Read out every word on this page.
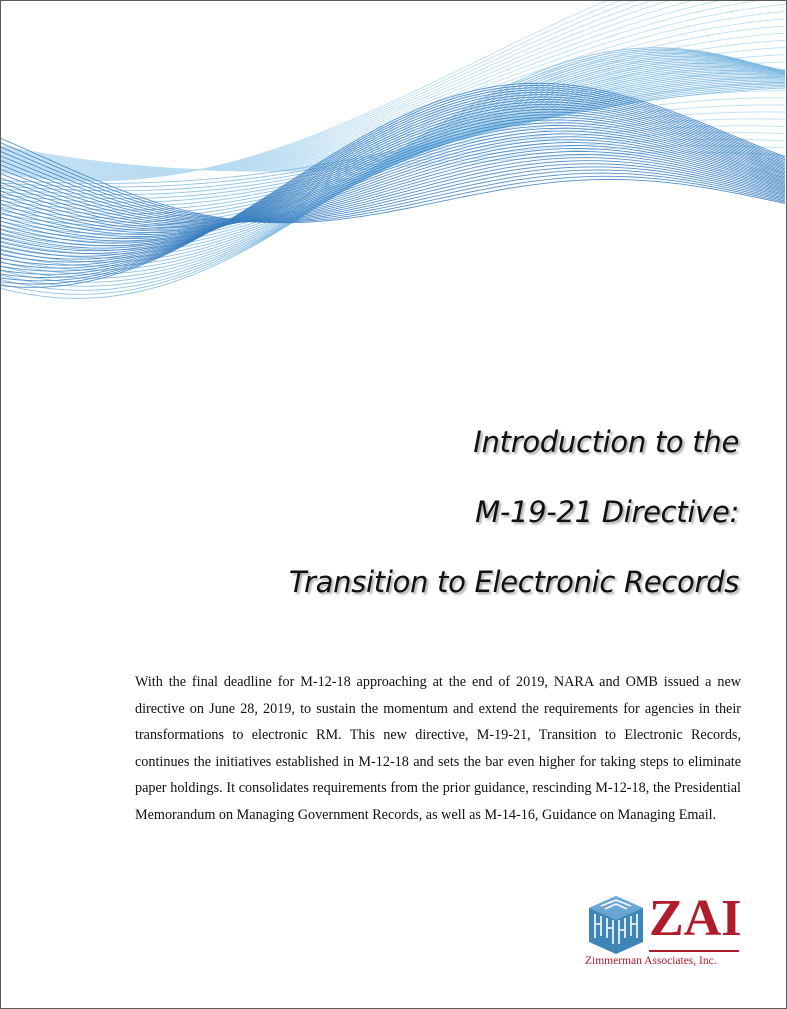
Introduction to the
M-19-21 Directive:
Transition to Electronic Records

With the final deadline for M-12-18 approaching at the end of 2019, NARA and OMB issued a new directive on June 28, 2019, to sustain the momentum and extend the requirements for agencies in their transformations to electronic RM. This new directive, M-19-21, Transition to Electronic Records, continues the initiatives established in M-12-18 and sets the bar even higher for taking steps to eliminate paper holdings. It consolidates requirements from the prior guidance, rescinding M-12-18, the Presidential Memorandum on Managing Government Records, as well as M-14-16, Guidance on Managing Email.

ZAI
Zimmerman Associates, Inc.
